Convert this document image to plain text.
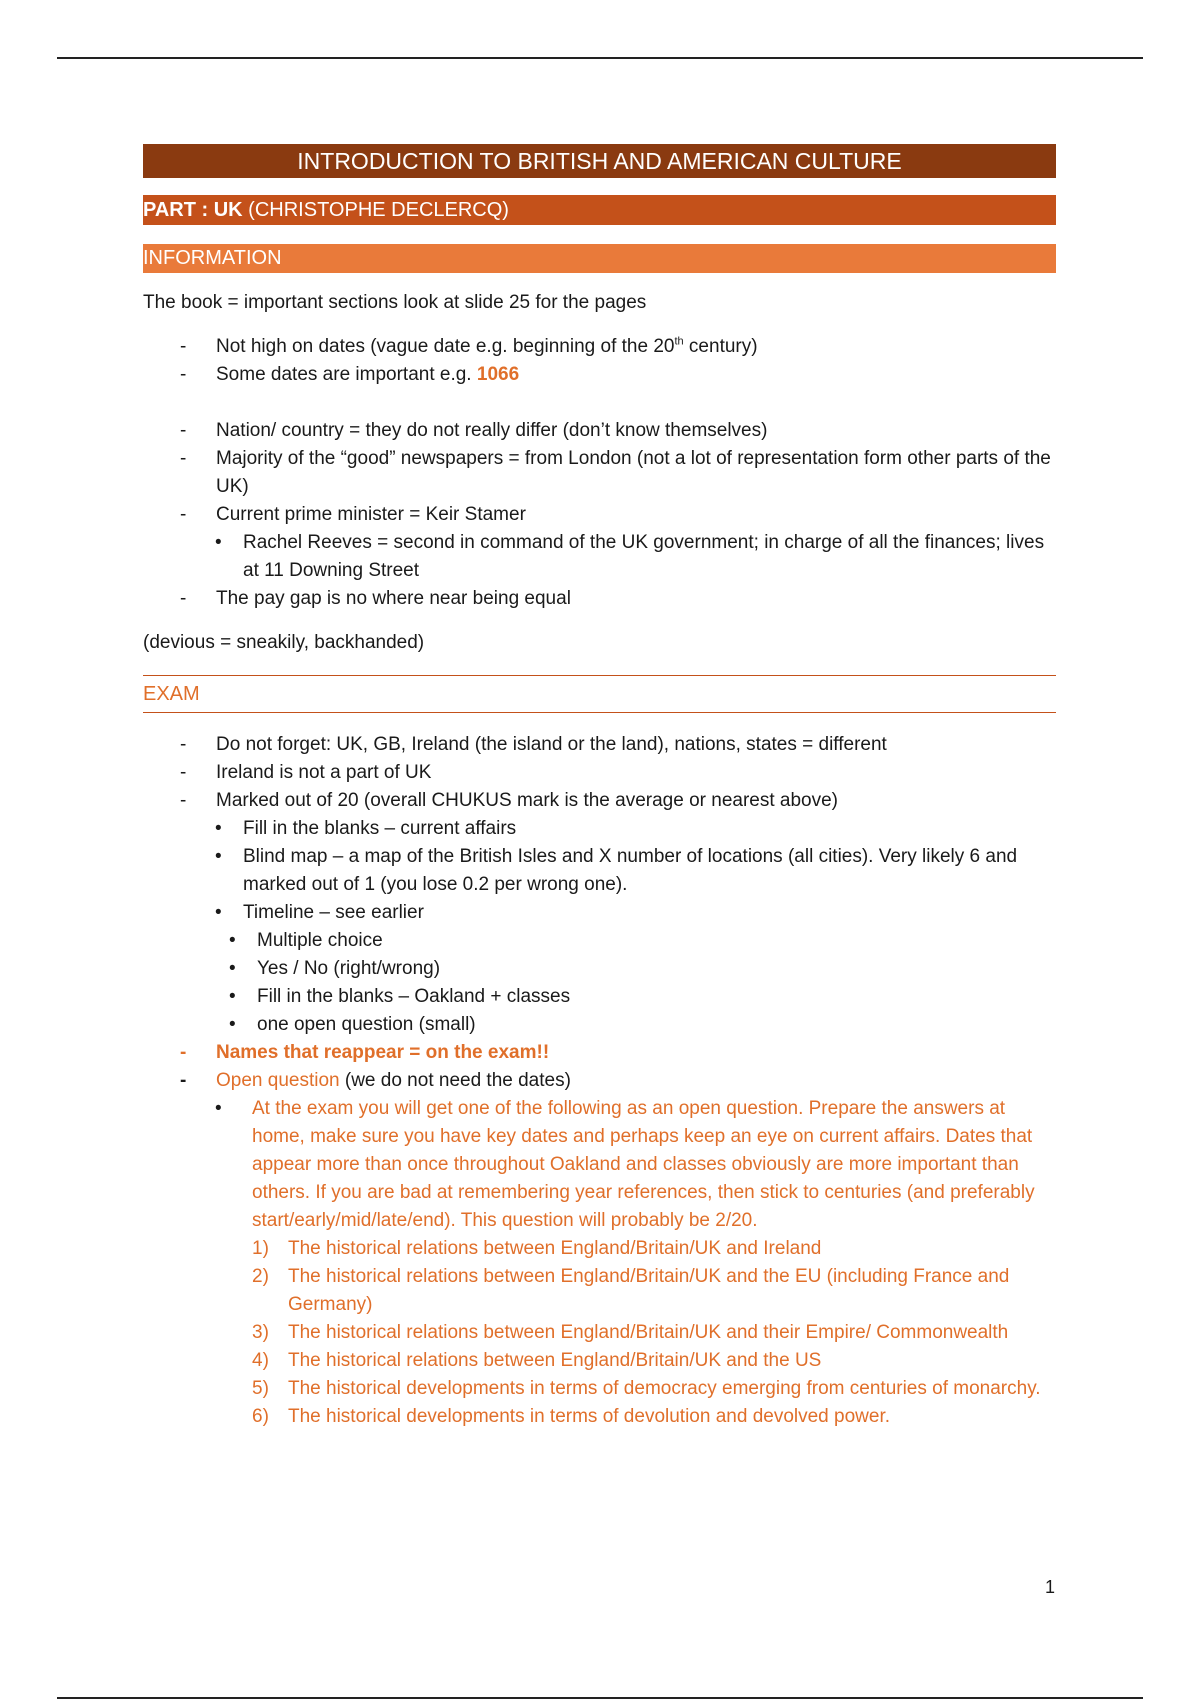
INTRODUCTION TO BRITISH AND AMERICAN CULTURE
PART : UK (CHRISTOPHE DECLERCQ)
INFORMATION
The book = important sections look at slide 25 for the pages
- Not high on dates (vague date e.g. beginning of the 20th century)
- Some dates are important e.g. 1066
- Nation/ country = they do not really differ (don’t know themselves)
- Majority of the “good” newspapers = from London (not a lot of representation form other parts of the UK)
- Current prime minister = Keir Stamer
• Rachel Reeves = second in command of the UK government; in charge of all the finances; lives at 11 Downing Street
- The pay gap is no where near being equal
(devious = sneakily, backhanded)
EXAM
- Do not forget: UK, GB, Ireland (the island or the land), nations, states = different
- Ireland is not a part of UK
- Marked out of 20 (overall CHUKUS mark is the average or nearest above)
• Fill in the blanks – current affairs
• Blind map – a map of the British Isles and X number of locations (all cities). Very likely 6 and marked out of 1 (you lose 0.2 per wrong one).
• Timeline – see earlier
• Multiple choice
• Yes / No (right/wrong)
• Fill in the blanks – Oakland + classes
• one open question (small)
- Names that reappear = on the exam!!
- Open question (we do not need the dates)
• At the exam you will get one of the following as an open question. Prepare the answers at home, make sure you have key dates and perhaps keep an eye on current affairs. Dates that appear more than once throughout Oakland and classes obviously are more important than others. If you are bad at remembering year references, then stick to centuries (and preferably start/early/mid/late/end). This question will probably be 2/20.
1) The historical relations between England/Britain/UK and Ireland
2) The historical relations between England/Britain/UK and the EU (including France and Germany)
3) The historical relations between England/Britain/UK and their Empire/ Commonwealth
4) The historical relations between England/Britain/UK and the US
5) The historical developments in terms of democracy emerging from centuries of monarchy.
6) The historical developments in terms of devolution and devolved power.
1
